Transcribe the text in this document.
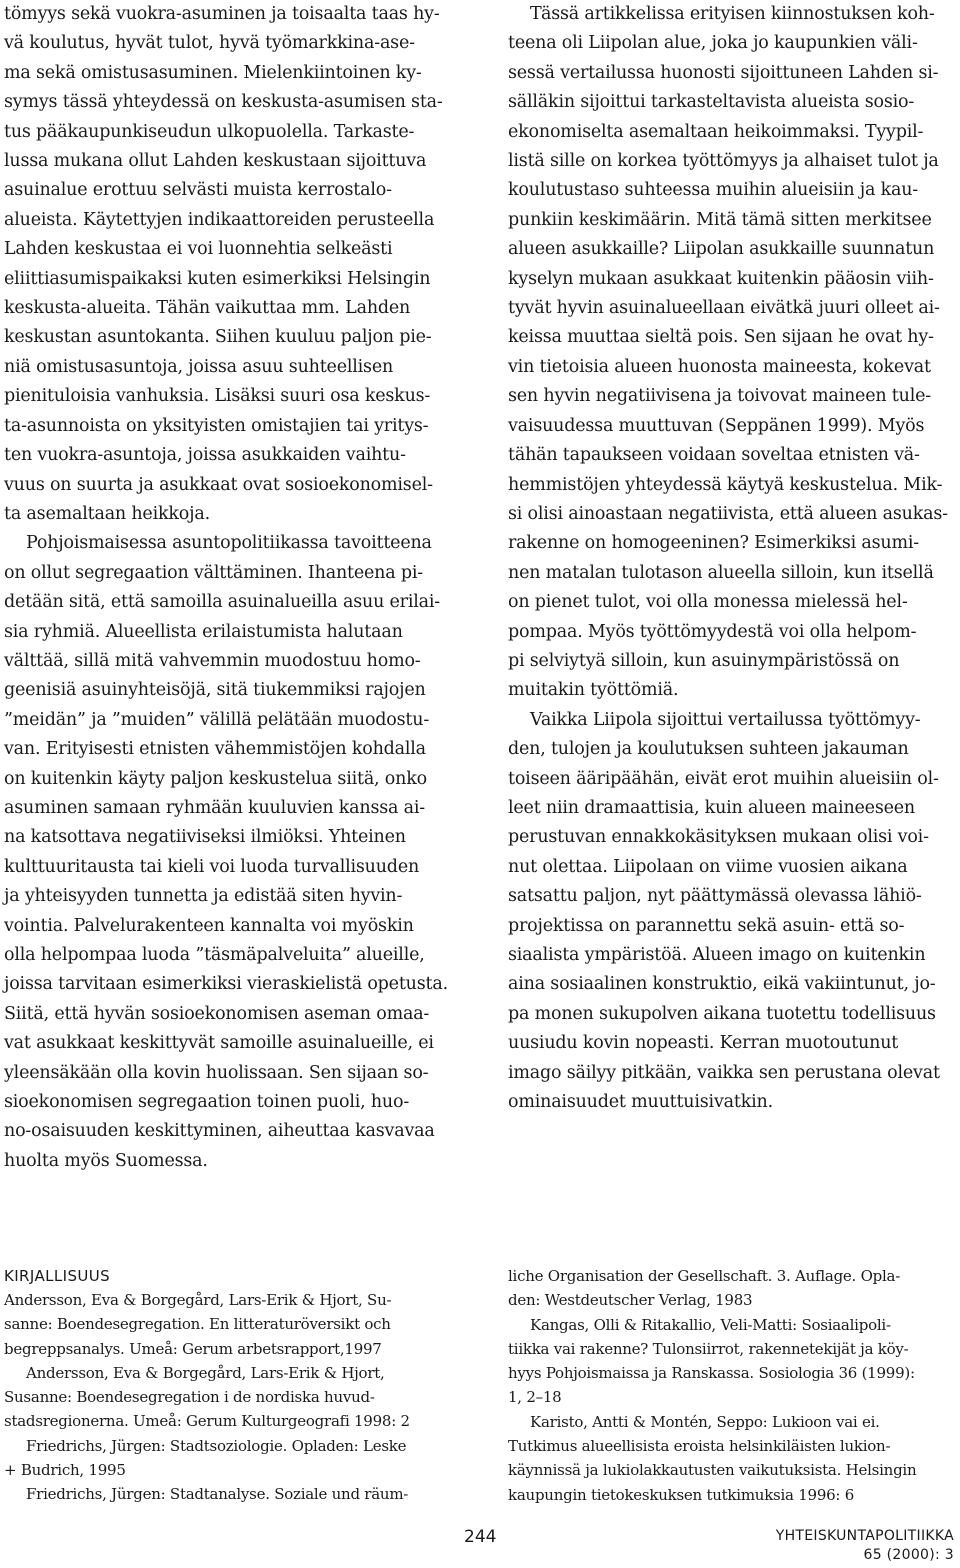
tömyys sekä vuokra-asuminen ja toisaalta taas hy-
vä koulutus, hyvät tulot, hyvä työmarkkina-ase-
ma sekä omistusasuminen. Mielenkiintoinen ky-
symys tässä yhteydessä on keskusta-asumisen sta-
tus pääkaupunkiseudun ulkopuolella. Tarkaste-
lussa mukana ollut Lahden keskustaan sijoittuva
asuinalue erottuu selvästi muista kerrostalo-
alueista. Käytettyjen indikaattoreiden perusteella
Lahden keskustaa ei voi luonnehtia selkeästi
eliittiasumispaikaksi kuten esimerkiksi Helsingin
keskusta-alueita. Tähän vaikuttaa mm. Lahden
keskustan asuntokanta. Siihen kuuluu paljon pie-
niä omistusasuntoja, joissa asuu suhteellisen
pienituloisia vanhuksia. Lisäksi suuri osa keskus-
ta-asunnoista on yksityisten omistajien tai yritys-
ten vuokra-asuntoja, joissa asukkaiden vaihtu-
vuus on suurta ja asukkaat ovat sosioekonomisel-
ta asemaltaan heikkoja.

Pohjoismaisessa asuntopolitiikassa tavoitteena
on ollut segregaation välttäminen. Ihanteena pi-
detään sitä, että samoilla asuinalueilla asuu erilai-
sia ryhmiä. Alueellista erilaistumista halutaan
välttää, sillä mitä vahvemmin muodostuu homo-
geenisiä asuinyhteisöjä, sitä tiukemmiksi rajojen
”meidän” ja ”muiden” välillä pelätään muodostu-
van. Erityisesti etnisten vähemmistöjen kohdalla
on kuitenkin käyty paljon keskustelua siitä, onko
asuminen samaan ryhmään kuuluvien kanssa ai-
na katsottava negatiiviseksi ilmiöksi. Yhteinen
kulttuuritausta tai kieli voi luoda turvallisuuden
ja yhteisyyden tunnetta ja edistää siten hyvin-
vointia. Palvelurakenteen kannalta voi myöskin
olla helpompaa luoda ”täsmäpalveluita” alueille,
joissa tarvitaan esimerkiksi vieraskielistä opetusta.
Siitä, että hyvän sosioekonomisen aseman omaa-
vat asukkaat keskittyvät samoille asuinalueille, ei
yleensäkään olla kovin huolissaan. Sen sijaan so-
sioekonomisen segregaation toinen puoli, huo-
no-osaisuuden keskittyminen, aiheuttaa kasvavaa
huolta myös Suomessa.

Tässä artikkelissa erityisen kiinnostuksen koh-
teena oli Liipolan alue, joka jo kaupunkien väli-
sessä vertailussa huonosti sijoittuneen Lahden si-
sälläkin sijoittui tarkasteltavista alueista sosio-
ekonomiselta asemaltaan heikoimmaksi. Tyypil-
listä sille on korkea työttömyys ja alhaiset tulot ja
koulutustaso suhteessa muihin alueisiin ja kau-
punkiin keskimäärin. Mitä tämä sitten merkitsee
alueen asukkaille? Liipolan asukkaille suunnatun
kyselyn mukaan asukkaat kuitenkin pääosin viih-
tyvät hyvin asuinalueellaan eivätkä juuri olleet ai-
keissa muuttaa sieltä pois. Sen sijaan he ovat hy-
vin tietoisia alueen huonosta maineesta, kokevat
sen hyvin negatiivisena ja toivovat maineen tule-
vaisuudessa muuttuvan (Seppänen 1999). Myös
tähän tapaukseen voidaan soveltaa etnisten vä-
hemmistöjen yhteydessä käytyä keskustelua. Mik-
si olisi ainoastaan negatiivista, että alueen asukas-
rakenne on homogeeninen? Esimerkiksi asumi-
nen matalan tulotason alueella silloin, kun itsellä
on pienet tulot, voi olla monessa mielessä hel-
pompaa. Myös työttömyydestä voi olla helpom-
pi selviytyä silloin, kun asuinympäristössä on
muitakin työttömiä.

Vaikka Liipola sijoittui vertailussa työttömyy-
den, tulojen ja koulutuksen suhteen jakauman
toiseen ääripäähän, eivät erot muihin alueisiin ol-
leet niin dramaattisia, kuin alueen maineeseen
perustuvan ennakkokäsityksen mukaan olisi voi-
nut olettaa. Liipolaan on viime vuosien aikana
satsattu paljon, nyt päättymässä olevassa lähiö-
projektissa on parannettu sekä asuin- että so-
siaalista ympäristöä. Alueen imago on kuitenkin
aina sosiaalinen konstruktio, eikä vakiintunut, jo-
pa monen sukupolven aikana tuotettu todellisuus
uusiudu kovin nopeasti. Kerran muotoutunut
imago säilyy pitkään, vaikka sen perustana olevat
ominaisuudet muuttuisivatkin.

KIRJALLISUUS

Andersson, Eva & Borgegård, Lars-Erik & Hjort, Su-
sanne: Boendesegregation. En litteraturöversikt och
begreppsanalys. Umeå: Gerum arbetsrapport,1997

Andersson, Eva & Borgegård, Lars-Erik & Hjort,
Susanne: Boendesegregation i de nordiska huvud-
stadsregionerna. Umeå: Gerum Kulturgeografi 1998: 2

Friedrichs, Jürgen: Stadtsoziologie. Opladen: Leske
+ Budrich, 1995

Friedrichs, Jürgen: Stadtanalyse. Soziale und räum-

liche Organisation der Gesellschaft. 3. Auflage. Opla-
den: Westdeutscher Verlag, 1983

Kangas, Olli & Ritakallio, Veli-Matti: Sosiaalipoli-
tiikka vai rakenne? Tulonsiirrot, rakennetekijät ja köy-
hyys Pohjoismaissa ja Ranskassa. Sosiologia 36 (1999):
1, 2–18

Karisto, Antti & Montén, Seppo: Lukioon vai ei.
Tutkimus alueellisista eroista helsinkiläisten lukion-
käynnissä ja lukiolakkautusten vaikutuksista. Helsingin
kaupungin tietokeskuksen tutkimuksia 1996: 6

244	YHTEISKUNTAPOLITIIKKA
65 (2000): 3
